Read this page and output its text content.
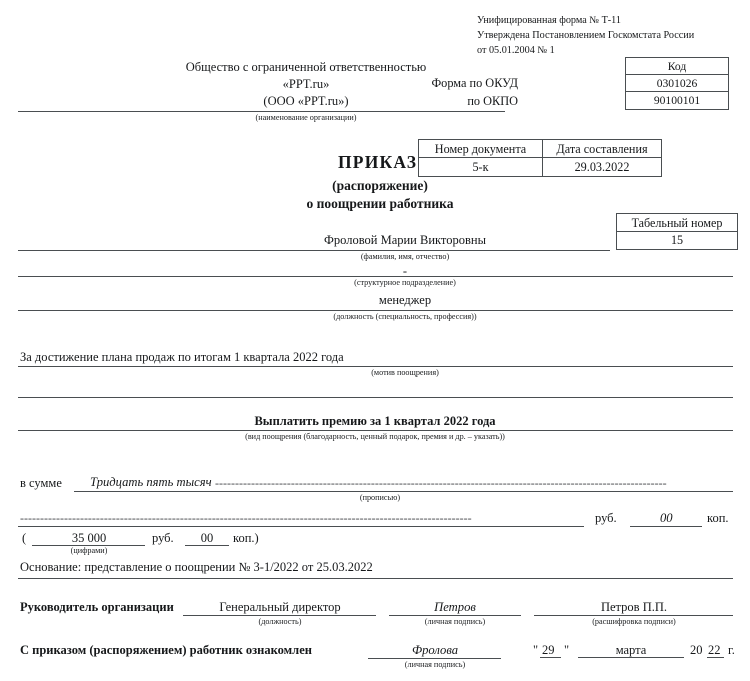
Унифицированная форма № Т-11
Утверждена Постановлением Госкомстата России
от 05.01.2004 № 1
Общество с ограниченной ответственностью
«PPT.ru»
(ООО «PPT.ru»)
(наименование организации)
Форма по ОКУД
по ОКПО
Код
0301026
90100101
ПРИКАЗ
Номер документа
5-к
Дата составления
29.03.2022
(распоряжение)
о поощрении работника
Табельный номер
15
Фроловой Марии Викторовны
(фамилия, имя, отчество)
-
(структурное подразделение)
менеджер
(должность (специальность, профессия))
За достижение плана продаж по итогам 1 квартала 2022 года
(мотив поощрения)
Выплатить премию за 1 квартал 2022 года
(вид поощрения (благодарность, ценный подарок, премия и др. – указать))
в сумме Тридцать пять тысяч -----------------------------------------------------------------------------------------------------------------
(прописью)
-----------------------------------------------------------------------------------------------------------------	руб.	00	коп.
(	35 000
(цифрами)
руб.	00	коп.)
Основание: представление о поощрении № 3-1/2022 от 25.03.2022
Руководитель организации	Генеральный директор
(должность)
Петров
(личная подпись)
Петров П.П.
(расшифровка подписи)
С приказом (распоряжением) работник ознакомлен	Фролова
(личная подпись)
" 29 "	марта	20 22 г.
